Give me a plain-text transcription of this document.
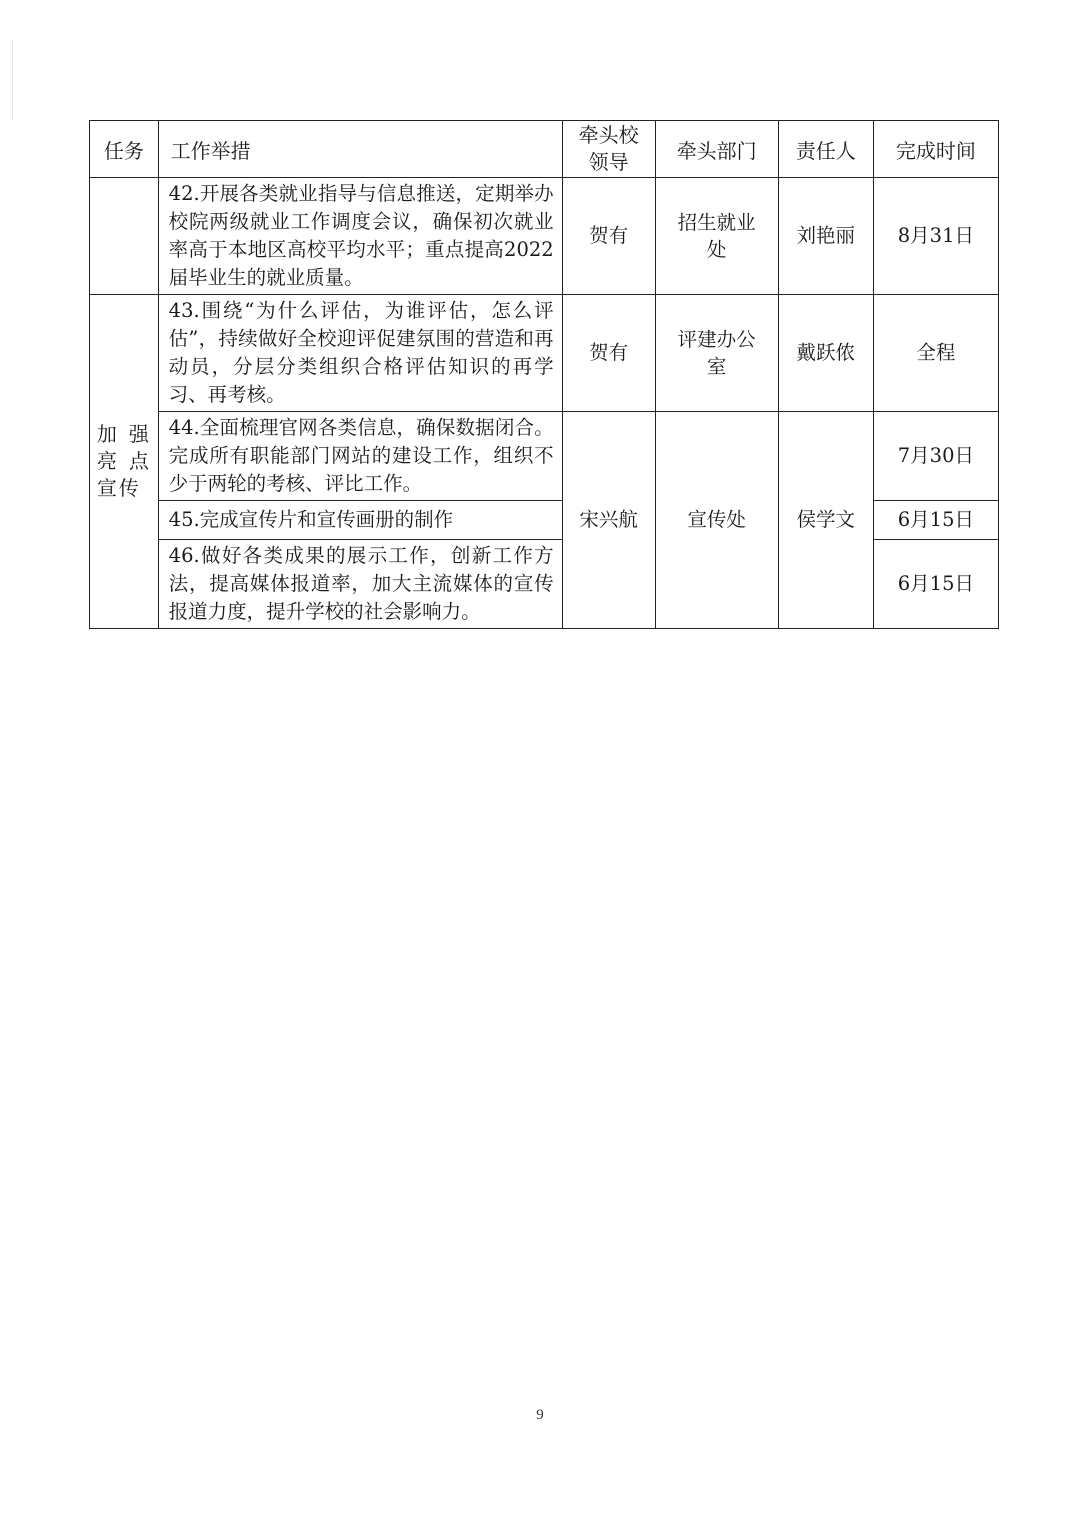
任务	工作举措	牵头校领导	牵头部门	责任人	完成时间
	42.开展各类就业指导与信息推送，定期举办校院两级就业工作调度会议，确保初次就业率高于本地区高校平均水平；重点提高2022届毕业生的就业质量。	贺有	招生就业处	刘艳丽	8月31日
加强亮点宣传	43.围绕“为什么评估，为谁评估，怎么评估”，持续做好全校迎评促建氛围的营造和再动员，分层分类组织合格评估知识的再学习、再考核。	贺有	评建办公室	戴跃侬	全程
	44.全面梳理官网各类信息，确保数据闭合。完成所有职能部门网站的建设工作，组织不少于两轮的考核、评比工作。	宋兴航	宣传处	侯学文	7月30日
	45.完成宣传片和宣传画册的制作				6月15日
	46.做好各类成果的展示工作，创新工作方法，提高媒体报道率，加大主流媒体的宣传报道力度，提升学校的社会影响力。				6月15日
9
